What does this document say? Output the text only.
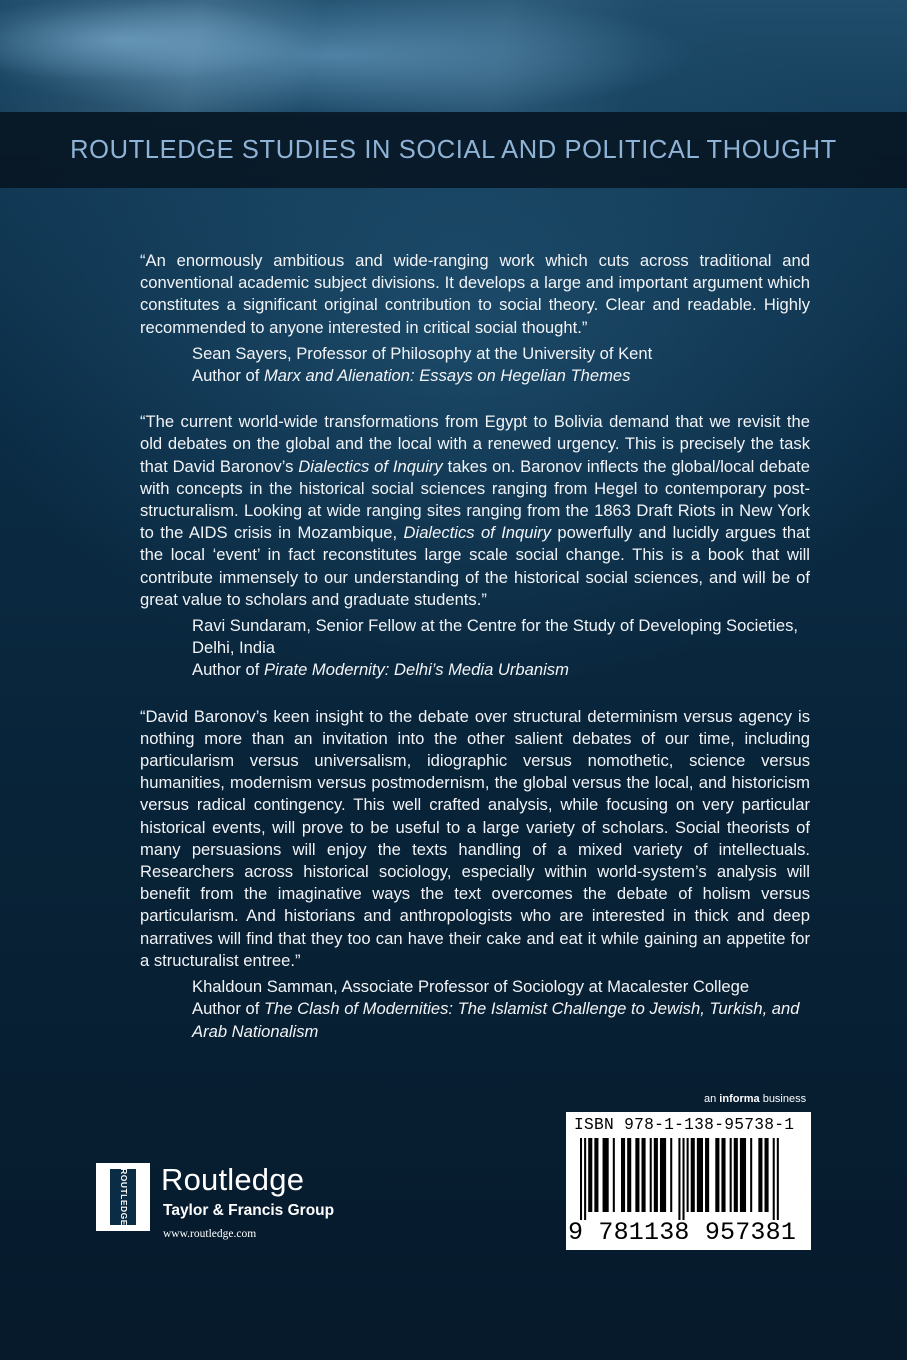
ROUTLEDGE STUDIES IN SOCIAL AND POLITICAL THOUGHT

“An enormously ambitious and wide-ranging work which cuts across traditional and conventional academic subject divisions. It develops a large and important argument which constitutes a significant original contribution to social theory. Clear and readable. Highly recommended to anyone interested in critical social thought.”

Sean Sayers, Professor of Philosophy at the University of Kent
Author of Marx and Alienation: Essays on Hegelian Themes

“The current world-wide transformations from Egypt to Bolivia demand that we revisit the old debates on the global and the local with a renewed urgency. This is precisely the task that David Baronov’s Dialectics of Inquiry takes on. Baronov inflects the global/local debate with concepts in the historical social sciences ranging from Hegel to contemporary post-structuralism. Looking at wide ranging sites ranging from the 1863 Draft Riots in New York to the AIDS crisis in Mozambique, Dialectics of Inquiry powerfully and lucidly argues that the local ‘event’ in fact reconstitutes large scale social change. This is a book that will contribute immensely to our understanding of the historical social sciences, and will be of great value to scholars and graduate students.”

Ravi Sundaram, Senior Fellow at the Centre for the Study of Developing Societies, Delhi, India
Author of Pirate Modernity: Delhi’s Media Urbanism

“David Baronov’s keen insight to the debate over structural determinism versus agency is nothing more than an invitation into the other salient debates of our time, including particularism versus universalism, idiographic versus nomothetic, science versus humanities, modernism versus postmodernism, the global versus the local, and historicism versus radical contingency. This well crafted analysis, while focusing on very particular historical events, will prove to be useful to a large variety of scholars. Social theorists of many persuasions will enjoy the texts handling of a mixed variety of intellectuals. Researchers across historical sociology, especially within world-system’s analysis will benefit from the imaginative ways the text overcomes the debate of holism versus particularism. And historians and anthropologists who are interested in thick and deep narratives will find that they too can have their cake and eat it while gaining an appetite for a structuralist entree.”

Khaldoun Samman, Associate Professor of Sociology at Macalester College
Author of The Clash of Modernities: The Islamist Challenge to Jewish, Turkish, and Arab Nationalism
an informa business
ISBN 978-1-138-95738-1
9 781138 957381
ROUTLEDGE Routledge
Taylor & Francis Group
www.routledge.com
